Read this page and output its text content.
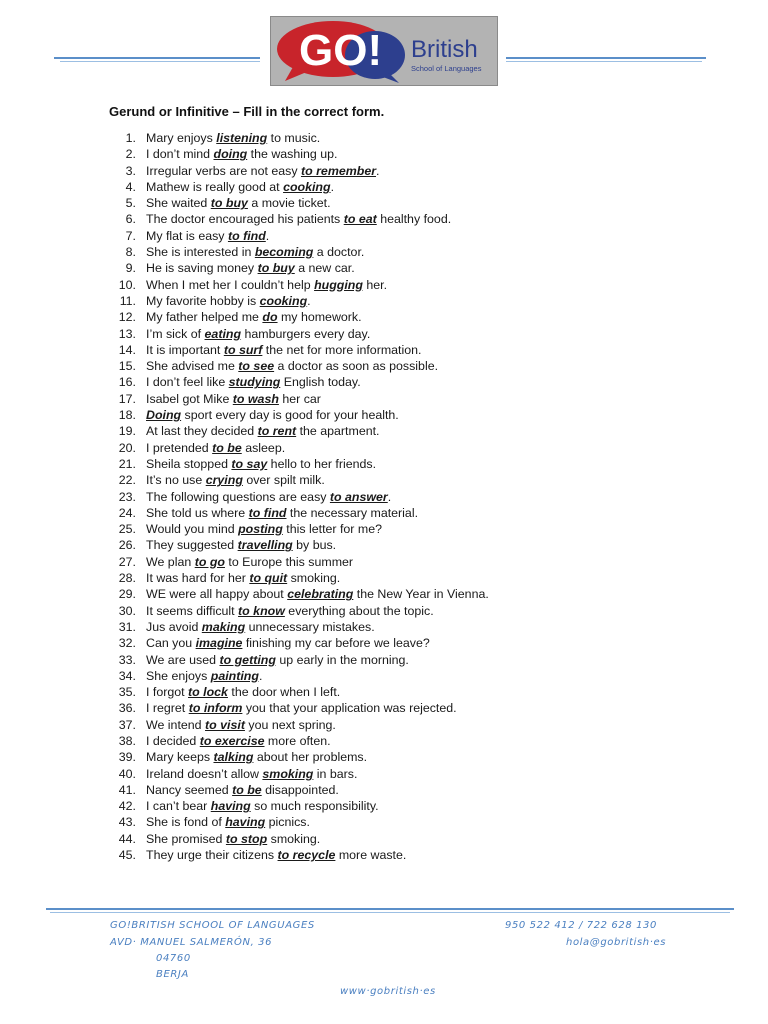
GO! British
School of Languages
Gerund or Infinitive – Fill in the correct form.
1. Mary enjoys listening to music.
2. I don’t mind doing the washing up.
3. Irregular verbs are not easy to remember.
4. Mathew is really good at cooking.
5. She waited to buy a movie ticket.
6. The doctor encouraged his patients to eat healthy food.
7. My flat is easy to find.
8. She is interested in becoming a doctor.
9. He is saving money to buy a new car.
10. When I met her I couldn’t help hugging her.
11. My favorite hobby is cooking.
12. My father helped me do my homework.
13. I’m sick of eating hamburgers every day.
14. It is important to surf the net for more information.
15. She advised me to see a doctor as soon as possible.
16. I don’t feel like studying English today.
17. Isabel got Mike to wash her car
18. Doing sport every day is good for your health.
19. At last they decided to rent the apartment.
20. I pretended to be asleep.
21. Sheila stopped to say hello to her friends.
22. It’s no use crying over spilt milk.
23. The following questions are easy to answer.
24. She told us where to find the necessary material.
25. Would you mind posting this letter for me?
26. They suggested travelling by bus.
27. We plan to go to Europe this summer
28. It was hard for her to quit smoking.
29. WE were all happy about celebrating the New Year in Vienna.
30. It seems difficult to know everything about the topic.
31. Jus avoid making unnecessary mistakes.
32. Can you imagine finishing my car before we leave?
33. We are used to getting up early in the morning.
34. She enjoys painting.
35. I forgot to lock the door when I left.
36. I regret to inform you that your application was rejected.
37. We intend to visit you next spring.
38. I decided to exercise more often.
39. Mary keeps talking about her problems.
40. Ireland doesn’t allow smoking in bars.
41. Nancy seemed to be disappointed.
42. I can’t bear having so much responsibility.
43. She is fond of having picnics.
44. She promised to stop smoking.
45. They urge their citizens to recycle more waste.
GO!BRITISH SCHOOL OF LANGUAGES
AVD· MANUEL SALMERÓN, 36
04760
BERJA
950 522 412 / 722 628 130
hola@gobritish·es
www·gobritish·es
